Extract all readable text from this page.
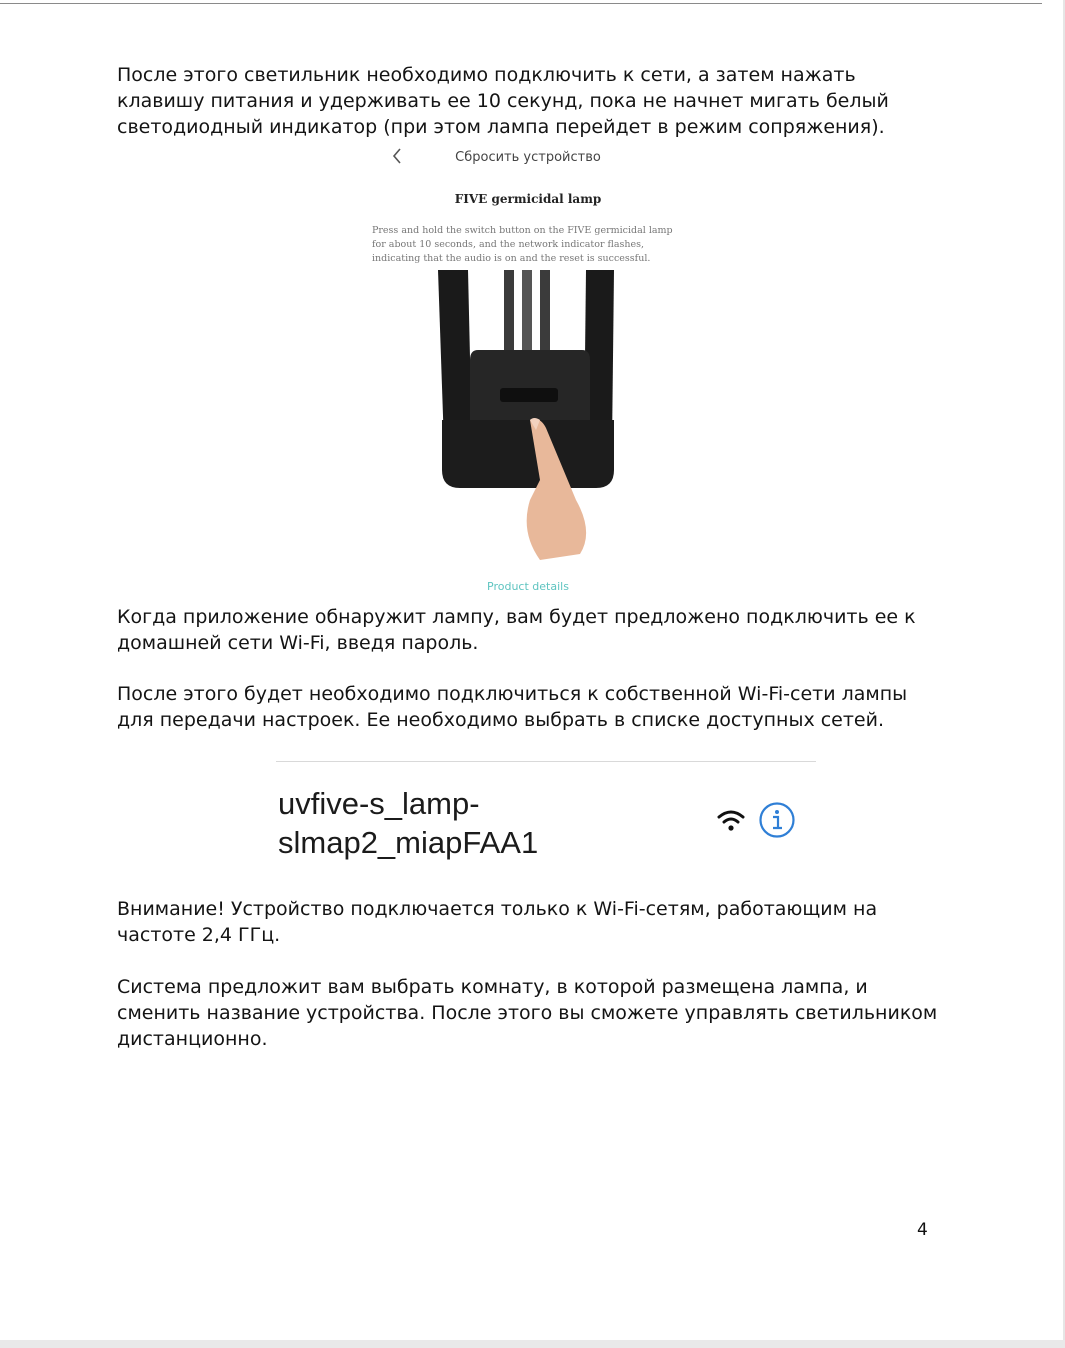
После этого светильник необходимо подключить к сети, а затем нажать клавишу питания и удерживать ее 10 секунд, пока не начнет мигать белый светодиодный индикатор (при этом лампа перейдет в режим сопряжения).

Сбросить устройство
FIVE germicidal lamp
Press and hold the switch button on the FIVE germicidal lamp for about 10 seconds, and the network indicator flashes, indicating that the audio is on and the reset is successful.
Product details

Когда приложение обнаружит лампу, вам будет предложено подключить ее к домашней сети Wi-Fi, введя пароль.

После этого будет необходимо подключиться к собственной Wi-Fi-сети лампы для передачи настроек. Ее необходимо выбрать в списке доступных сетей.

uvfive-s_lamp-
slmap2_miapFAA1

Внимание! Устройство подключается только к Wi-Fi-сетям, работающим на частоте 2,4 ГГц.

Система предложит вам выбрать комнату, в которой размещена лампа, и сменить название устройства. После этого вы сможете управлять светильником дистанционно.

4
